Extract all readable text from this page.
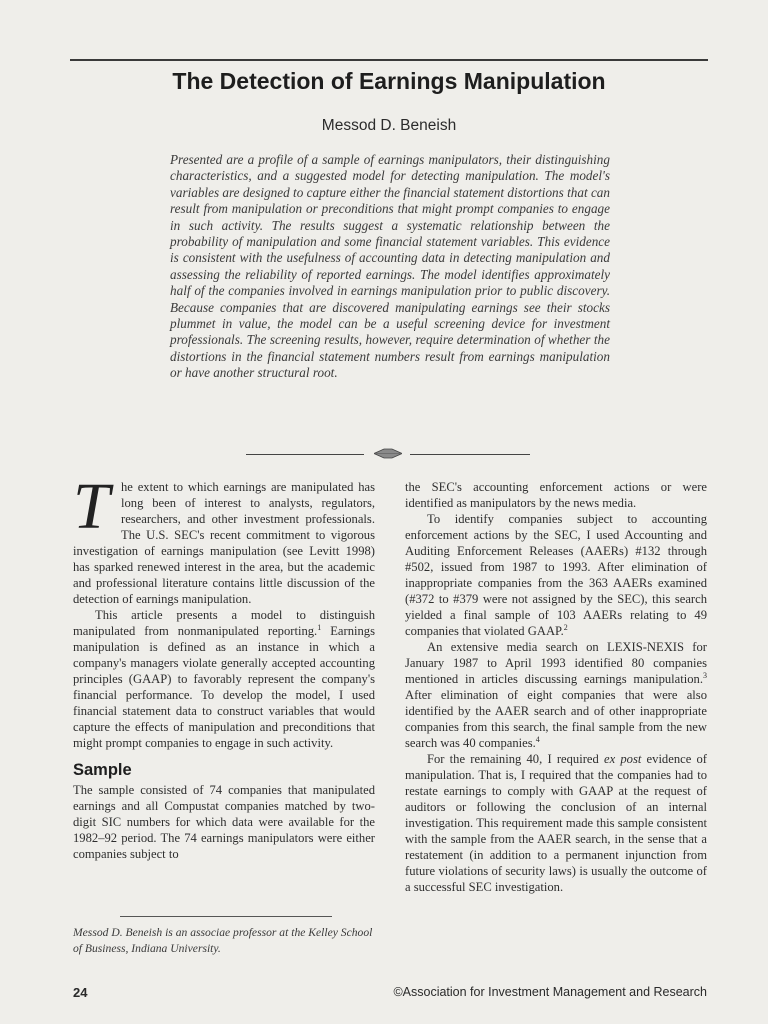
The Detection of Earnings Manipulation
Messod D. Beneish

Presented are a profile of a sample of earnings manipulators, their distinguishing characteristics, and a suggested model for detecting manipulation. The model's variables are designed to capture either the financial statement distortions that can result from manipulation or preconditions that might prompt companies to engage in such activity. The results suggest a systematic relationship between the probability of manipulation and some financial statement variables. This evidence is consistent with the usefulness of accounting data in detecting manipulation and assessing the reliability of reported earnings. The model identifies approximately half of the companies involved in earnings manipulation prior to public discovery. Because companies that are discovered manipulating earnings see their stocks plummet in value, the model can be a useful screening device for investment professionals. The screening results, however, require determination of whether the distortions in the financial statement numbers result from earnings manipulation or have another structural root.

The extent to which earnings are manipulated has long been of interest to analysts, regulators, researchers, and other investment professionals. The U.S. SEC's recent commitment to vigorous investigation of earnings manipulation (see Levitt 1998) has sparked renewed interest in the area, but the academic and professional literature contains little discussion of the detection of earnings manipulation.

This article presents a model to distinguish manipulated from nonmanipulated reporting.$^1$ Earnings manipulation is defined as an instance in which a company's managers violate generally accepted accounting principles (GAAP) to favorably represent the company's financial performance. To develop the model, I used financial statement data to construct variables that would capture the effects of manipulation and preconditions that might prompt companies to engage in such activity.

Sample

The sample consisted of 74 companies that manipulated earnings and all Compustat companies matched by two-digit SIC numbers for which data were available for the 1982–92 period. The 74 earnings manipulators were either companies subject to

the SEC's accounting enforcement actions or were identified as manipulators by the news media.

To identify companies subject to accounting enforcement actions by the SEC, I used Accounting and Auditing Enforcement Releases (AAERs) #132 through #502, issued from 1987 to 1993. After elimination of inappropriate companies from the 363 AAERs examined (#372 to #379 were not assigned by the SEC), this search yielded a final sample of 103 AAERs relating to 49 companies that violated GAAP.$^2$

An extensive media search on LEXIS-NEXIS for January 1987 to April 1993 identified 80 companies mentioned in articles discussing earnings manipulation.$^3$ After elimination of eight companies that were also identified by the AAER search and of other inappropriate companies from this search, the final sample from the new search was 40 companies.$^4$

For the remaining 40, I required ex post evidence of manipulation. That is, I required that the companies had to restate earnings to comply with GAAP at the request of auditors or following the conclusion of an internal investigation. This requirement made this sample consistent with the sample from the AAER search, in the sense that a restatement (in addition to a permanent injunction from future violations of security laws) is usually the outcome of a successful SEC investigation.

Messod D. Beneish is an associae professor at the Kelley School of Business, Indiana University.

24	©Association for Investment Management and Research
